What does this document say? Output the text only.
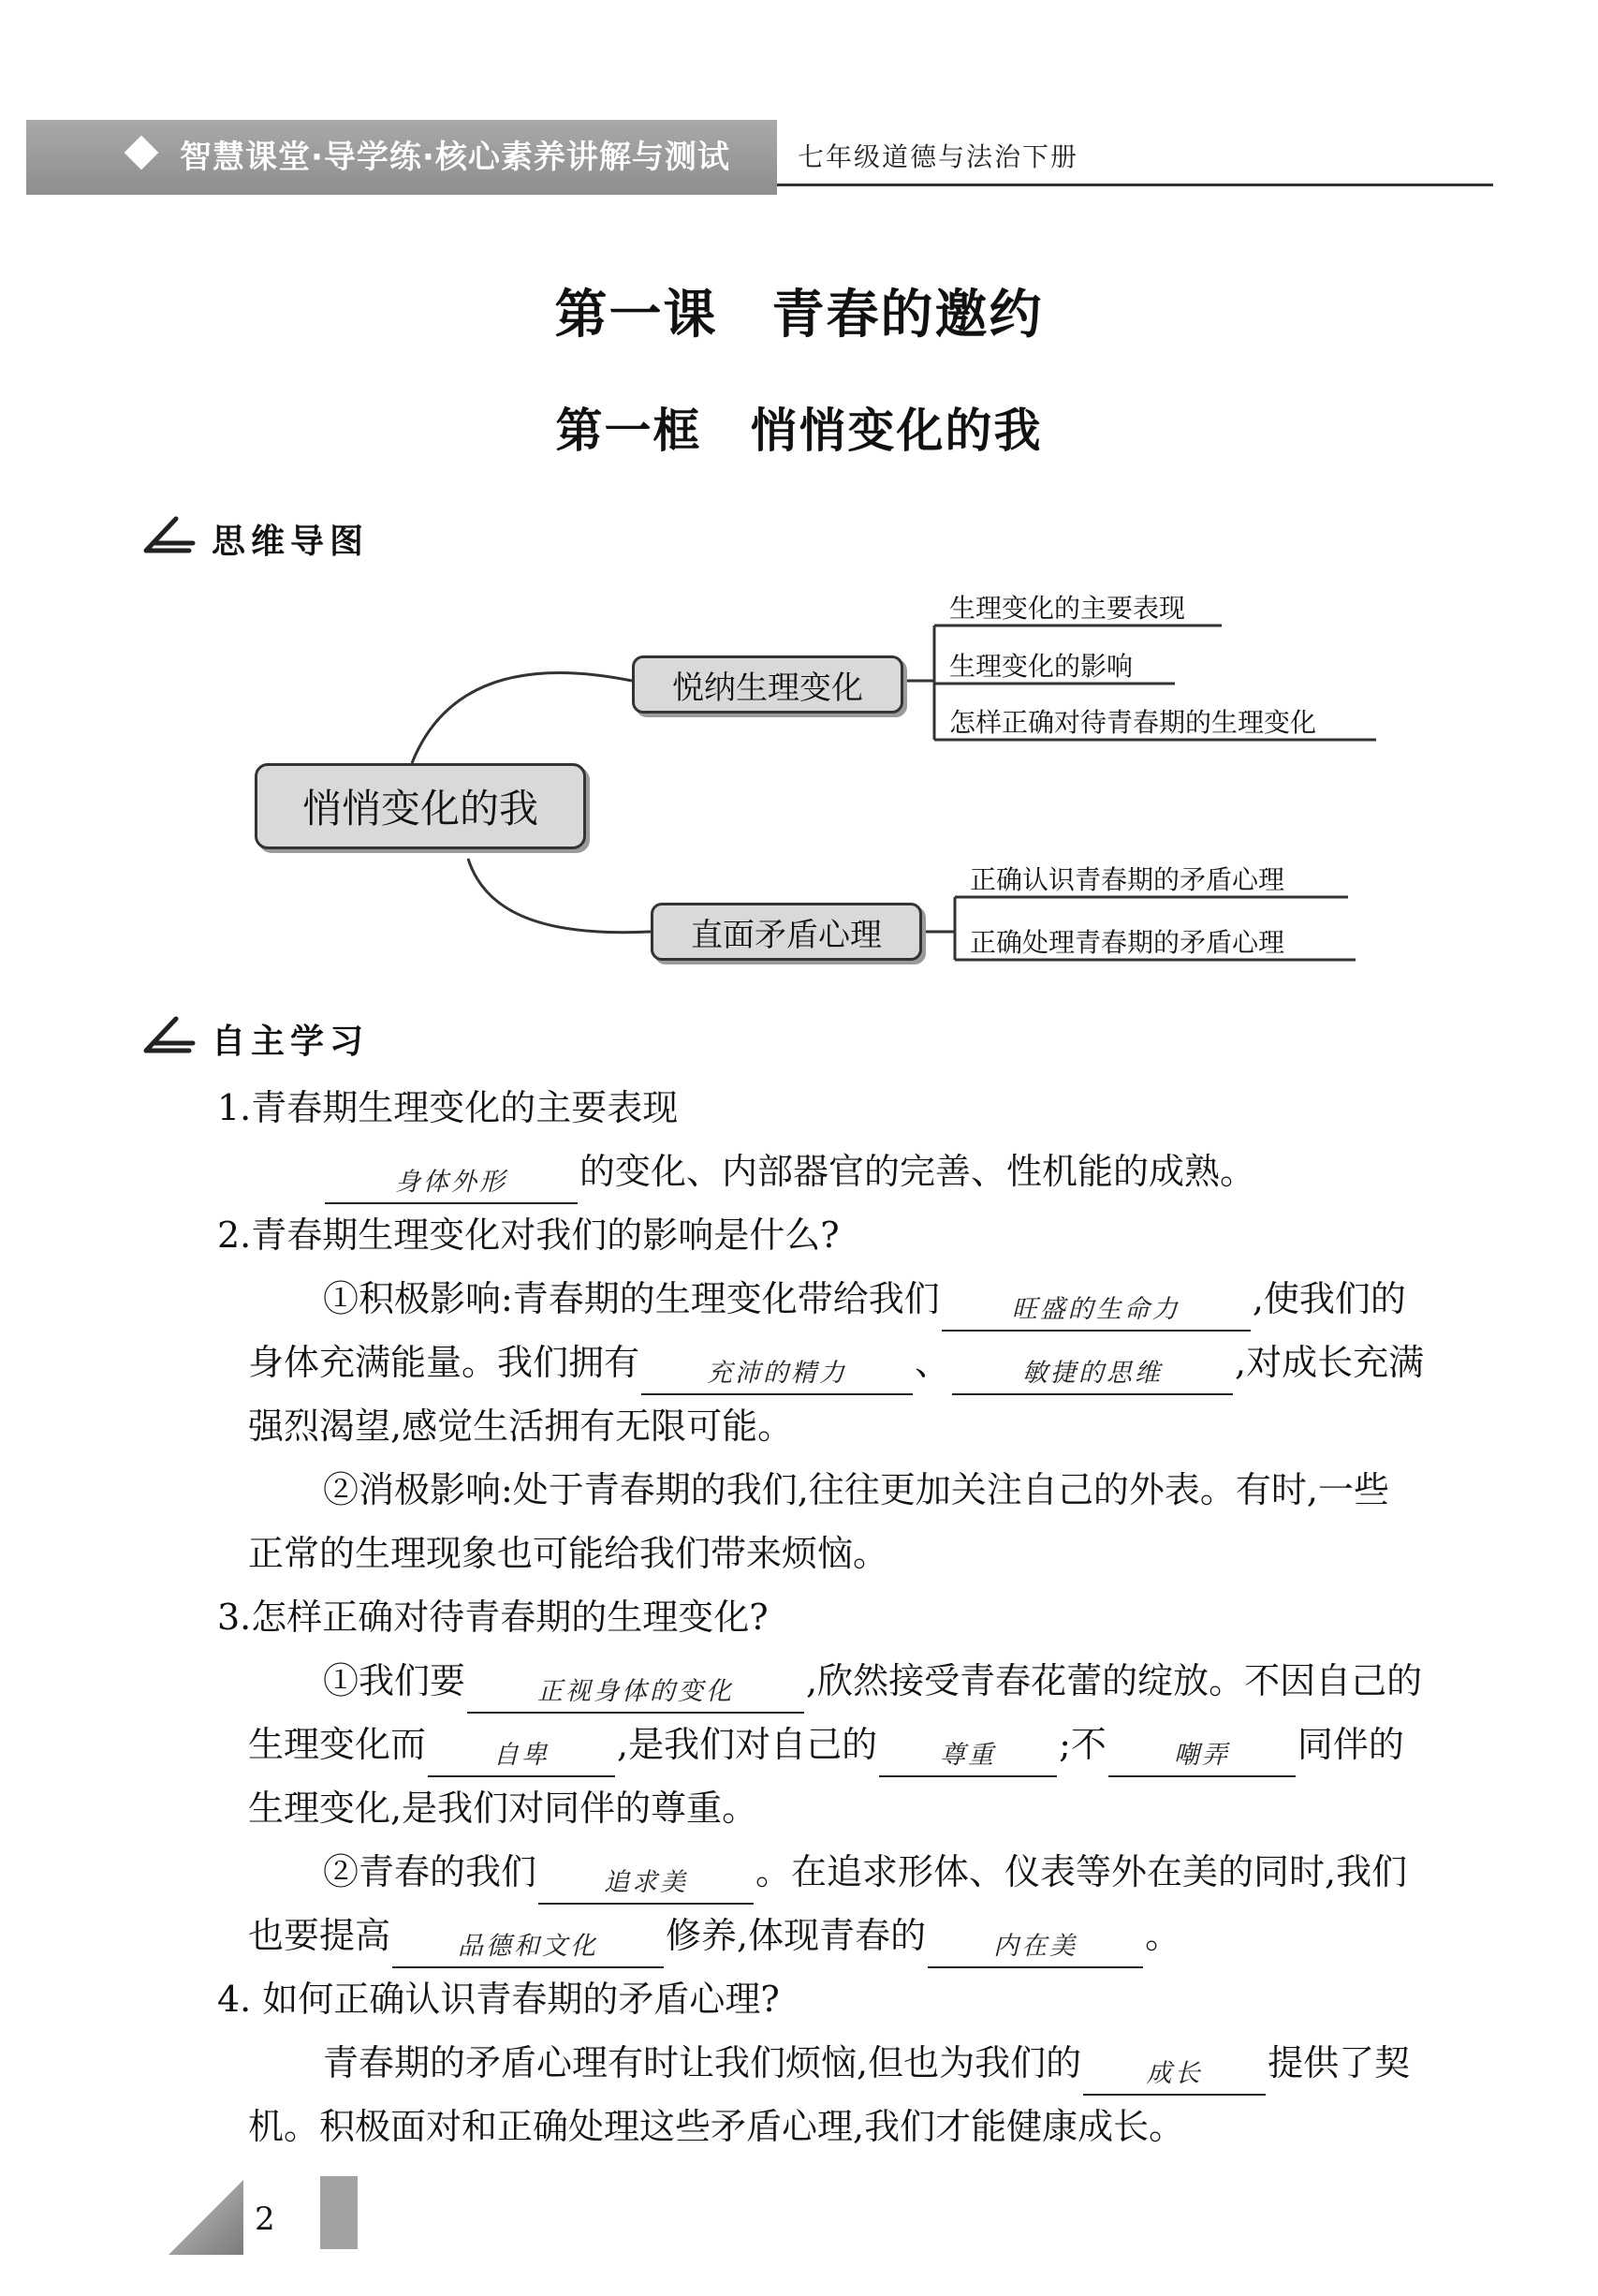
智慧课堂·导学练·核心素养讲解与测试	七年级道德与法治下册
第一课　青春的邀约
第一框　悄悄变化的我
思维导图
悄悄变化的我
悦纳生理变化
直面矛盾心理
生理变化的主要表现
生理变化的影响
怎样正确对待青春期的生理变化
正确认识青春期的矛盾心理
正确处理青春期的矛盾心理
自主学习
1.青春期生理变化的主要表现
身体外形	的变化、内部器官的完善、性机能的成熟。
2.青春期生理变化对我们的影响是什么?
①积极影响:青春期的生理变化带给我们	旺盛的生命力	,使我们的
身体充满能量。我们拥有	充沛的精力	、	敏捷的思维	,对成长充满
强烈渴望,感觉生活拥有无限可能。
②消极影响:处于青春期的我们,往往更加关注自己的外表。有时,一些
正常的生理现象也可能给我们带来烦恼。
3.怎样正确对待青春期的生理变化?
①我们要	正视身体的变化	,欣然接受青春花蕾的绽放。不因自己的
生理变化而	自卑	,是我们对自己的	尊重	;不	嘲弄	同伴的
生理变化,是我们对同伴的尊重。
②青春的我们	追求美	。在追求形体、仪表等外在美的同时,我们
也要提高	品德和文化	修养,体现青春的	内在美	。
4. 如何正确认识青春期的矛盾心理?
青春期的矛盾心理有时让我们烦恼,但也为我们的	成长	提供了契
机。积极面对和正确处理这些矛盾心理,我们才能健康成长。
2
